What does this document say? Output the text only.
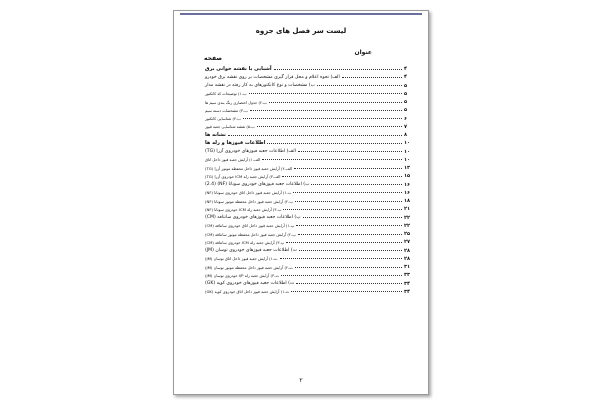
لیست سر فصل های جزوه
صفحه
عنوان
آشنایی با نقشه خوانی برق	۴
الف) نحوه اعلام و محل قرار گیری مشخصات بر روی نقشه برق خودرو	۴
ب) مشخصات و نوع کانکتورهای به کار رفته در نقشه مدار	۵
ب-۱) توضیحات کد کانکتور	۵
ب-۲) جدول اختصاری رنگ بندی سیم ها	۵
ب-۳) مشخصات دسته سیم	۵
ب-۴) شناسایی کانکتور	۶
ب-۵) نقشه شناسایی جعبه فیوز	۷
نشانه ها	۸
اطلاعات فیوزها و رله ها	۱۰
الف) اطلاعات جعبه فیوزهای خودروی آزرا (TG)	۱۰
الف-۱) آرایش جعبه فیوز داخل اتاق	۱۰
الف-۲) آرایش جعبه فیوز داخل محفظه موتور آزرا (TG)	۱۳
الف-۳) آرایش جعبه رله ICM خودروی آزرا (TG)	۱۵
ب) اطلاعات جعبه فیوزهای خودروی سوناتا (NF) (2.4)	۱۶
ب-۱) آرایش جعبه فیوز داخل اتاق خودروی سوناتا (NF)	۱۶
ب-۲) آرایش جعبه فیوز داخل محفظه موتور سوناتا (NF)	۱۸
ب-۳) آرایش جعبه رله ICM خودروی سوناتا (NF)	۲۱
پ) اطلاعات جعبه فیوزهای خودروی سانتافه (CM)	۲۲
پ-۱) آرایش جعبه فیوز داخل اتاق خودروی سانتافه (CM)	۲۲
پ-۲) آرایش جعبه فیوز داخل محفظه موتور سانتافه (CM)	۲۵
پ-۳) آرایش جعبه رله ICM خودروی سانتافه (CM)	۲۷
ت) اطلاعات جعبه فیوزهای خودروی توسان (JM)	۲۸
ت-۱) آرایش جعبه فیوز داخل اتاق توسان (JM)	۲۸
ت-۲) آرایش جعبه فیوز داخل محفظه موتور توسان (JM)	۳۱
ت-۳) آرایش جعبه رله I/P خودروی توسان (JM)	۳۳
ث) اطلاعات جعبه فیوزهای خودروی کوپه (GK)	۳۴
ث-۱) آرایش جعبه فیوز داخل اتاق خودروی کوپه (GK)	۳۴
۲
